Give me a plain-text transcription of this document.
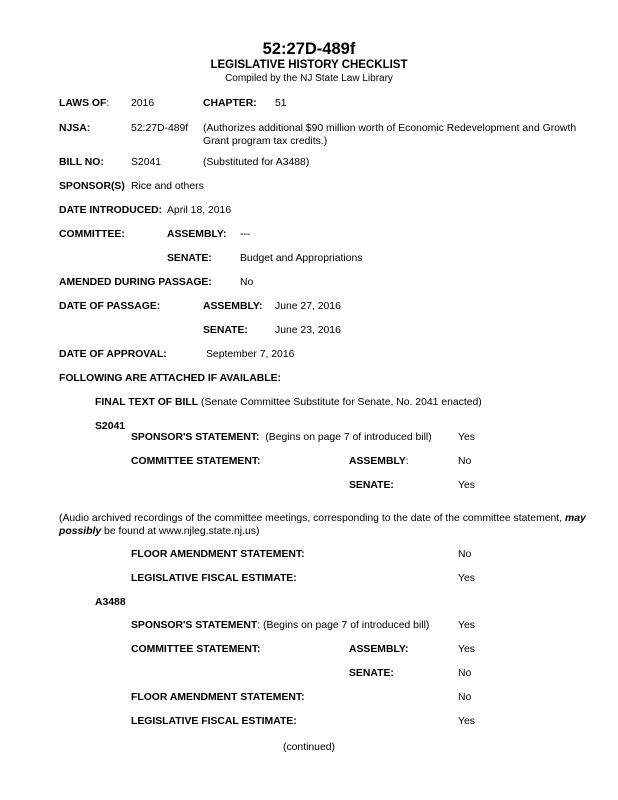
52:27D-489f
LEGISLATIVE HISTORY CHECKLIST
Compiled by the NJ State Law Library
LAWS OF: 2016	CHAPTER: 51
NJSA:	52:27D-489f (Authorizes additional $90 million worth of Economic Redevelopment and Growth Grant program tax credits.)
BILL NO:	S2041	(Substituted for A3488)
SPONSOR(S) Rice and others
DATE INTRODUCED: April 18, 2016
COMMITTEE:	ASSEMBLY: ---
SENATE:	Budget and Appropriations
AMENDED DURING PASSAGE:	No
DATE OF PASSAGE:	ASSEMBLY: June 27, 2016
SENATE:	June 23, 2016
DATE OF APPROVAL:	September 7, 2016
FOLLOWING ARE ATTACHED IF AVAILABLE:
FINAL TEXT OF BILL (Senate Committee Substitute for Senate, No. 2041 enacted)
S2041
SPONSOR'S STATEMENT: (Begins on page 7 of introduced bill)	Yes
COMMITTEE STATEMENT:	ASSEMBLY:	No
SENATE:	Yes
(Audio archived recordings of the committee meetings, corresponding to the date of the committee statement, may possibly be found at www.njleg.state.nj.us)
FLOOR AMENDMENT STATEMENT:	No
LEGISLATIVE FISCAL ESTIMATE:	Yes
A3488
SPONSOR'S STATEMENT: (Begins on page 7 of introduced bill)	Yes
COMMITTEE STATEMENT:	ASSEMBLY:	Yes
SENATE:	No
FLOOR AMENDMENT STATEMENT:	No
LEGISLATIVE FISCAL ESTIMATE:	Yes
(continued)
